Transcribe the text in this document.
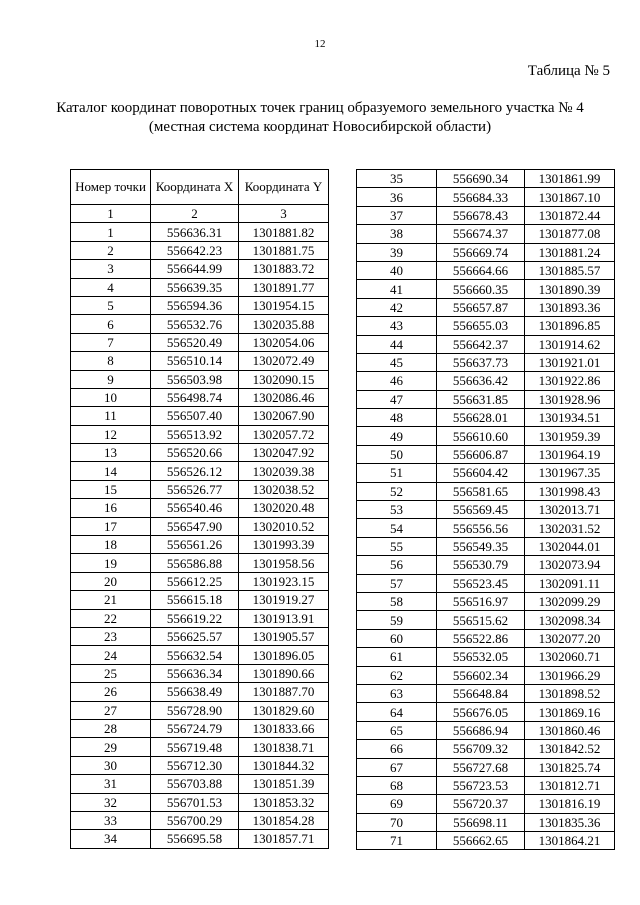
12
Таблица № 5
Каталог координат поворотных точек границ образуемого земельного участка № 4
(местная система координат Новосибирской области)
Номер точки	Координата X	Координата Y
1	2	3
1	556636.31	1301881.82
2	556642.23	1301881.75
3	556644.99	1301883.72
4	556639.35	1301891.77
5	556594.36	1301954.15
6	556532.76	1302035.88
7	556520.49	1302054.06
8	556510.14	1302072.49
9	556503.98	1302090.15
10	556498.74	1302086.46
11	556507.40	1302067.90
12	556513.92	1302057.72
13	556520.66	1302047.92
14	556526.12	1302039.38
15	556526.77	1302038.52
16	556540.46	1302020.48
17	556547.90	1302010.52
18	556561.26	1301993.39
19	556586.88	1301958.56
20	556612.25	1301923.15
21	556615.18	1301919.27
22	556619.22	1301913.91
23	556625.57	1301905.57
24	556632.54	1301896.05
25	556636.34	1301890.66
26	556638.49	1301887.70
27	556728.90	1301829.60
28	556724.79	1301833.66
29	556719.48	1301838.71
30	556712.30	1301844.32
31	556703.88	1301851.39
32	556701.53	1301853.32
33	556700.29	1301854.28
34	556695.58	1301857.71
35	556690.34	1301861.99
36	556684.33	1301867.10
37	556678.43	1301872.44
38	556674.37	1301877.08
39	556669.74	1301881.24
40	556664.66	1301885.57
41	556660.35	1301890.39
42	556657.87	1301893.36
43	556655.03	1301896.85
44	556642.37	1301914.62
45	556637.73	1301921.01
46	556636.42	1301922.86
47	556631.85	1301928.96
48	556628.01	1301934.51
49	556610.60	1301959.39
50	556606.87	1301964.19
51	556604.42	1301967.35
52	556581.65	1301998.43
53	556569.45	1302013.71
54	556556.56	1302031.52
55	556549.35	1302044.01
56	556530.79	1302073.94
57	556523.45	1302091.11
58	556516.97	1302099.29
59	556515.62	1302098.34
60	556522.86	1302077.20
61	556532.05	1302060.71
62	556602.34	1301966.29
63	556648.84	1301898.52
64	556676.05	1301869.16
65	556686.94	1301860.46
66	556709.32	1301842.52
67	556727.68	1301825.74
68	556723.53	1301812.71
69	556720.37	1301816.19
70	556698.11	1301835.36
71	556662.65	1301864.21
